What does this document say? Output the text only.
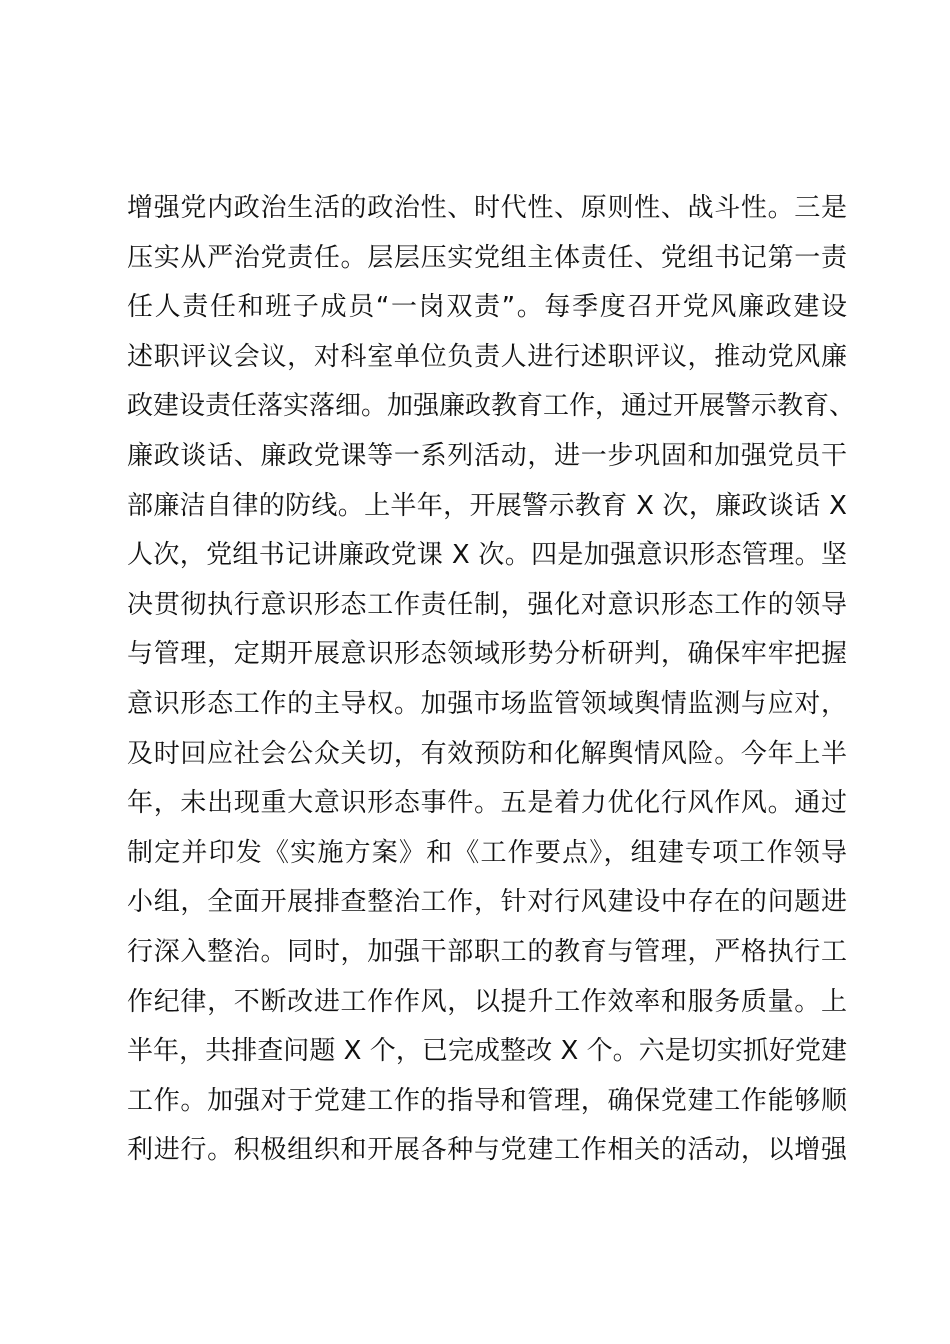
增强党内政治生活的政治性、时代性、原则性、战斗性。三是
压实从严治党责任。层层压实党组主体责任、党组书记第一责
任人责任和班子成员“一岗双责”。每季度召开党风廉政建设
述职评议会议，对科室单位负责人进行述职评议，推动党风廉
政建设责任落实落细。加强廉政教育工作，通过开展警示教育、
廉政谈话、廉政党课等一系列活动，进一步巩固和加强党员干
部廉洁自律的防线。上半年，开展警示教育 X 次，廉政谈话 X
人次，党组书记讲廉政党课 X 次。四是加强意识形态管理。坚
决贯彻执行意识形态工作责任制，强化对意识形态工作的领导
与管理，定期开展意识形态领域形势分析研判，确保牢牢把握
意识形态工作的主导权。加强市场监管领域舆情监测与应对，
及时回应社会公众关切，有效预防和化解舆情风险。今年上半
年，未出现重大意识形态事件。五是着力优化行风作风。通过
制定并印发《实施方案》和《工作要点》，组建专项工作领导
小组，全面开展排查整治工作，针对行风建设中存在的问题进
行深入整治。同时，加强干部职工的教育与管理，严格执行工
作纪律，不断改进工作作风，以提升工作效率和服务质量。上
半年，共排查问题 X 个，已完成整改 X 个。六是切实抓好党建
工作。加强对于党建工作的指导和管理，确保党建工作能够顺
利进行。积极组织和开展各种与党建工作相关的活动，以增强
